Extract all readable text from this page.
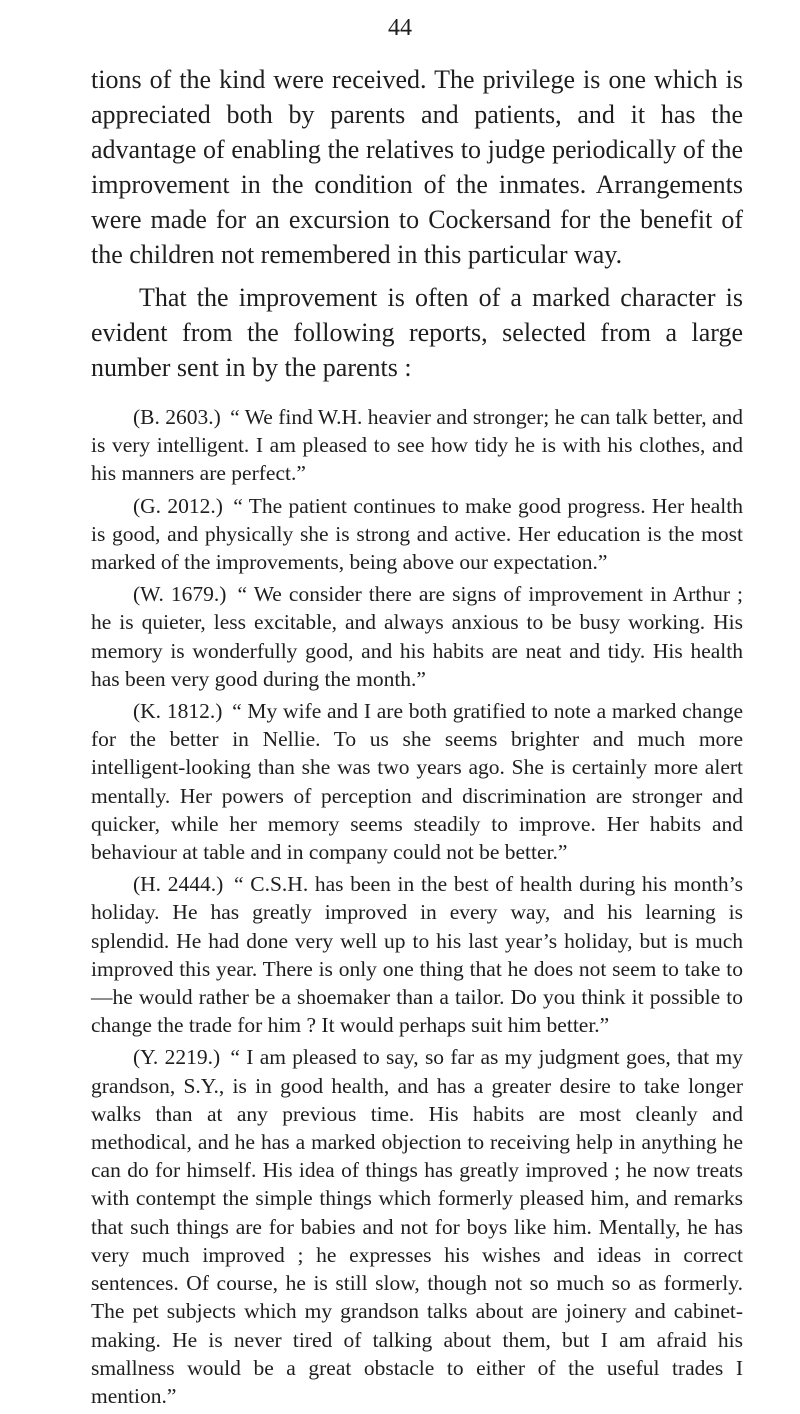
44

tions of the kind were received. The privilege is one which is appreciated both by parents and patients, and it has the advantage of enabling the relatives to judge periodically of the improvement in the condition of the inmates. Arrangements were made for an excursion to Cockersand for the benefit of the children not remembered in this particular way.

That the improvement is often of a marked character is evident from the following reports, selected from a large number sent in by the parents :

(B. 2603.) “ We find W.H. heavier and stronger; he can talk better, and is very intelligent. I am pleased to see how tidy he is with his clothes, and his manners are perfect.”

(G. 2012.) “ The patient continues to make good progress. Her health is good, and physically she is strong and active. Her education is the most marked of the improvements, being above our expectation.”

(W. 1679.) “ We consider there are signs of improvement in Arthur ; he is quieter, less excitable, and always anxious to be busy working. His memory is wonderfully good, and his habits are neat and tidy. His health has been very good during the month.”

(K. 1812.) “ My wife and I are both gratified to note a marked change for the better in Nellie. To us she seems brighter and much more intelligent-looking than she was two years ago. She is certainly more alert mentally. Her powers of perception and discrimination are stronger and quicker, while her memory seems steadily to improve. Her habits and behaviour at table and in company could not be better.”

(H. 2444.) “ C.S.H. has been in the best of health during his month’s holiday. He has greatly improved in every way, and his learning is splendid. He had done very well up to his last year’s holiday, but is much improved this year. There is only one thing that he does not seem to take to—he would rather be a shoemaker than a tailor. Do you think it possible to change the trade for him ? It would perhaps suit him better.”

(Y. 2219.) “ I am pleased to say, so far as my judgment goes, that my grandson, S.Y., is in good health, and has a greater desire to take longer walks than at any previous time. His habits are most cleanly and methodical, and he has a marked objection to receiving help in anything he can do for himself. His idea of things has greatly improved ; he now treats with contempt the simple things which formerly pleased him, and remarks that such things are for babies and not for boys like him. Mentally, he has very much improved ; he expresses his wishes and ideas in correct sentences. Of course, he is still slow, though not so much so as formerly. The pet subjects which my grandson talks about are joinery and cabinet-making. He is never tired of talking about them, but I am afraid his smallness would be a great obstacle to either of the useful trades I mention.”
